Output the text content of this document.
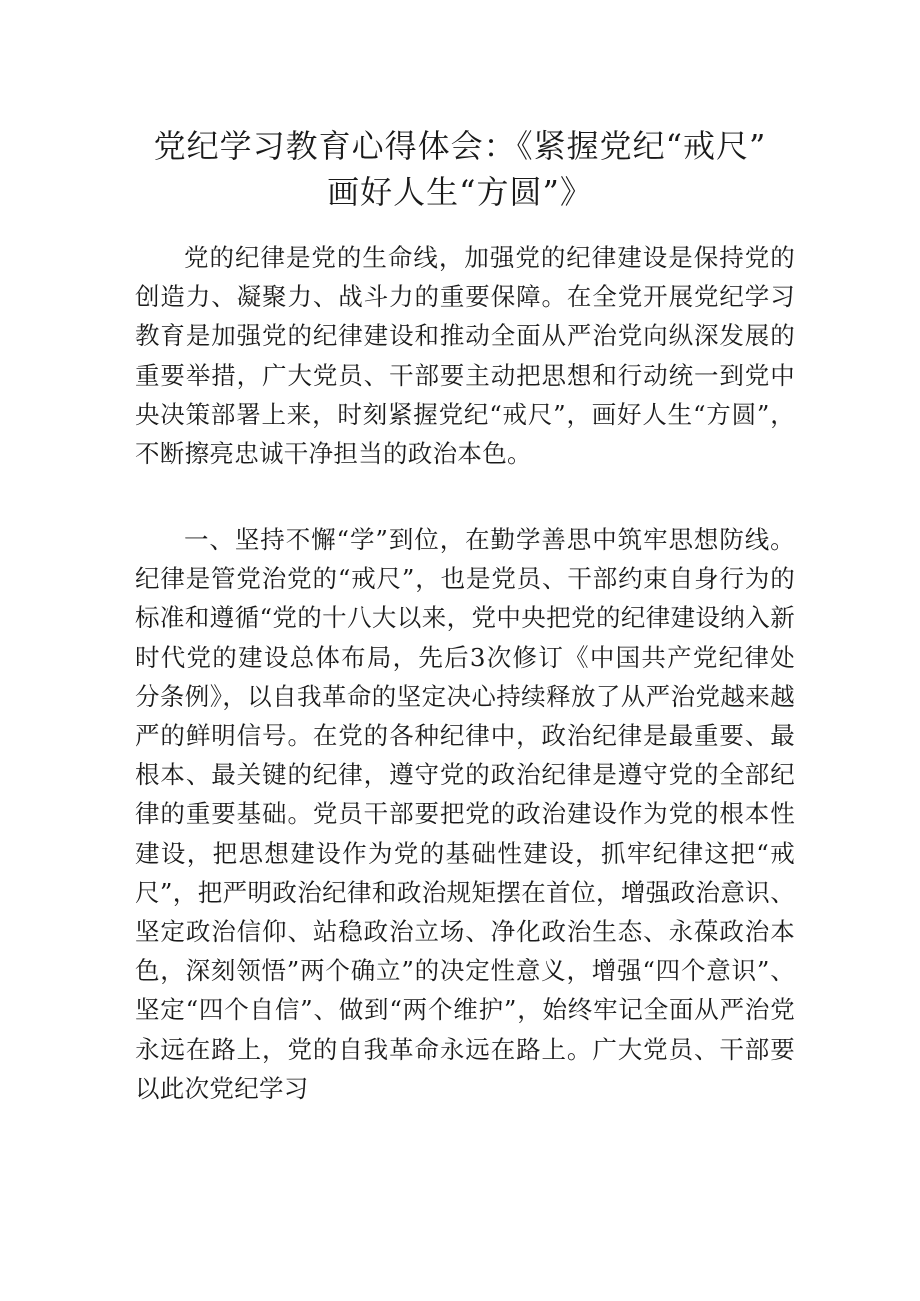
党纪学习教育心得体会：《紧握党纪“戒尺”
画好人生“方圆”》

党的纪律是党的生命线，加强党的纪律建设是保持党的创造力、凝聚力、战斗力的重要保障。在全党开展党纪学习教育是加强党的纪律建设和推动全面从严治党向纵深发展的重要举措，广大党员、干部要主动把思想和行动统一到党中央决策部署上来，时刻紧握党纪“戒尺”，画好人生“方圆”，不断擦亮忠诚干净担当的政治本色。

一、坚持不懈“学”到位，在勤学善思中筑牢思想防线。纪律是管党治党的“戒尺”，也是党员、干部约束自身行为的标准和遵循“党的十八大以来，党中央把党的纪律建设纳入新时代党的建设总体布局，先后3次修订《中国共产党纪律处分条例》，以自我革命的坚定决心持续释放了从严治党越来越严的鲜明信号。在党的各种纪律中，政治纪律是最重要、最根本、最关键的纪律，遵守党的政治纪律是遵守党的全部纪律的重要基础。党员干部要把党的政治建设作为党的根本性建设，把思想建设作为党的基础性建设，抓牢纪律这把“戒尺”，把严明政治纪律和政治规矩摆在首位，增强政治意识、坚定政治信仰、站稳政治立场、净化政治生态、永葆政治本色，深刻领悟”两个确立”的决定性意义，增强“四个意识”、坚定“四个自信”、做到“两个维护”，始终牢记全面从严治党永远在路上，党的自我革命永远在路上。广大党员、干部要以此次党纪学习
